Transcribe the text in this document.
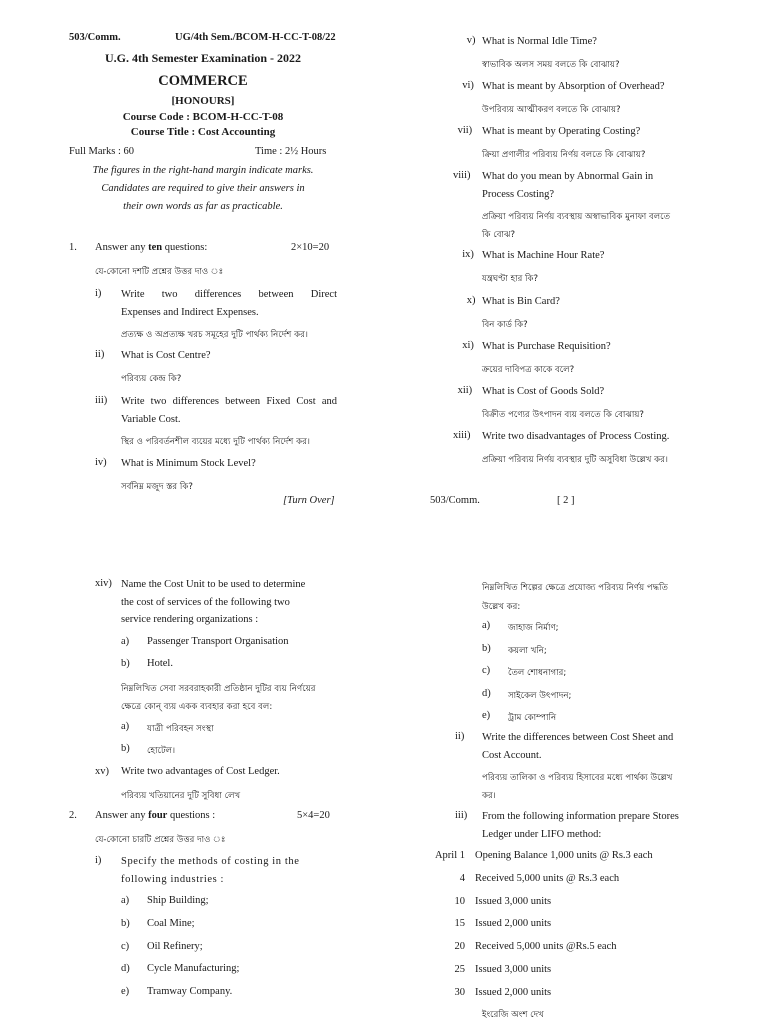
503/Comm.	UG/4th Sem./BCOM-H-CC-T-08/22
U.G. 4th Semester Examination - 2022
COMMERCE
[HONOURS]
Course Code : BCOM-H-CC-T-08
Course Title : Cost Accounting
Full Marks : 60	Time : 2½ Hours
The figures in the right-hand margin indicate marks.
Candidates are required to give their answers in
their own words as far as practicable.
1. Answer any ten questions:	2×10=20
যে-কোনো দশটি প্রশ্নের উত্তর দাও ঃ
i) Write two differences between Direct
Expenses and Indirect Expenses.
প্রত্যক্ষ ও অপ্রত্যক্ষ খরচ সমূহের দুটি পার্থক্য নির্দেশ কর।
ii) What is Cost Centre?
পরিব্যয় কেন্দ্র কি?
iii) Write two differences between Fixed Cost and
Variable Cost.
স্থির ও পরিবর্তনশীল ব্যয়ের মধ্যে দুটি পার্থক্য নির্দেশ কর।
iv) What is Minimum Stock Level?
সর্বনিম্ন মজুদ স্তর কি?
[Turn Over]
v) What is Normal Idle Time?
স্বাভাবিক অলস সময় বলতে কি বোঝায়?
vi) What is meant by Absorption of Overhead?
উপরিব্যয় আত্মীকরণ বলতে কি বোঝায়?
vii) What is meant by Operating Costing?
ক্রিয়া প্রণালীর পরিব্যয় নির্ণয় বলতে কি বোঝায়?
viii) What do you mean by Abnormal Gain in
Process Costing?
প্রক্রিয়া পরিব্যয় নির্ণয় ব্যবস্থায় অস্বাভাবিক মুনাফা বলতে
কি বোঝ?
ix) What is Machine Hour Rate?
যন্ত্রঘণ্টা হার কি?
x) What is Bin Card?
বিন কার্ড কি?
xi) What is Purchase Requisition?
ক্রয়ের দাবিপত্র কাকে বলে?
xii) What is Cost of Goods Sold?
বিক্রীত পণ্যের উৎপাদন ব্যয় বলতে কি বোঝায়?
xiii) Write two disadvantages of Process Costing.
প্রক্রিয়া পরিব্যয় নির্ণয় ব্যবস্থার দুটি অসুবিধা উল্লেখ কর।
503/Comm.	[ 2 ]
xiv) Name the Cost Unit to be used to determine
the cost of services of the following two
service rendering organizations :
a) Passenger Transport Organisation
b) Hotel.
নিম্নলিখিত সেবা সরবরাহকারী প্রতিষ্ঠান দুটির ব্যয় নির্ণয়ের
ক্ষেত্রে কোন্ ব্যয় একক ব্যবহার করা হবে বল:
a) যাত্রী পরিবহন সংস্থা
b) হোটেল।
xv) Write two advantages of Cost Ledger.
পরিব্যয় খতিয়ানের দুটি সুবিধা লেখ
2. Answer any four questions :	5×4=20
যে-কোনো চারটি প্রশ্নের উত্তর দাও ঃ
i) Specify the methods of costing in the
following industries :
a) Ship Building;
b) Coal Mine;
c) Oil Refinery;
d) Cycle Manufacturing;
e) Tramway Company.
নিম্নলিখিত শিল্পের ক্ষেত্রে প্রযোজ্য পরিব্যয় নির্ণয় পদ্ধতি
উল্লেখ কর:
a) জাহাজ নির্মাণ;
b) কয়লা খনি;
c) তৈল শোধনাগার;
d) সাইকেল উৎপাদন;
e) ট্রাম কোম্পানি
ii) Write the differences between Cost Sheet and
Cost Account.
পরিব্যয় তালিকা ও পরিব্যয় হিসাবের মধ্যে পার্থক্য উল্লেখ
কর।
iii) From the following information prepare Stores
Ledger under LIFO method:
April 1 Opening Balance 1,000 units @ Rs.3 each
4 Received 5,000 units @ Rs.3 each
10 Issued 3,000 units
15 Issued 2,000 units
20 Received 5,000 units @Rs.5 each
25 Issued 3,000 units
30 Issued 2,000 units
ইংরেজি অংশ দেখ
